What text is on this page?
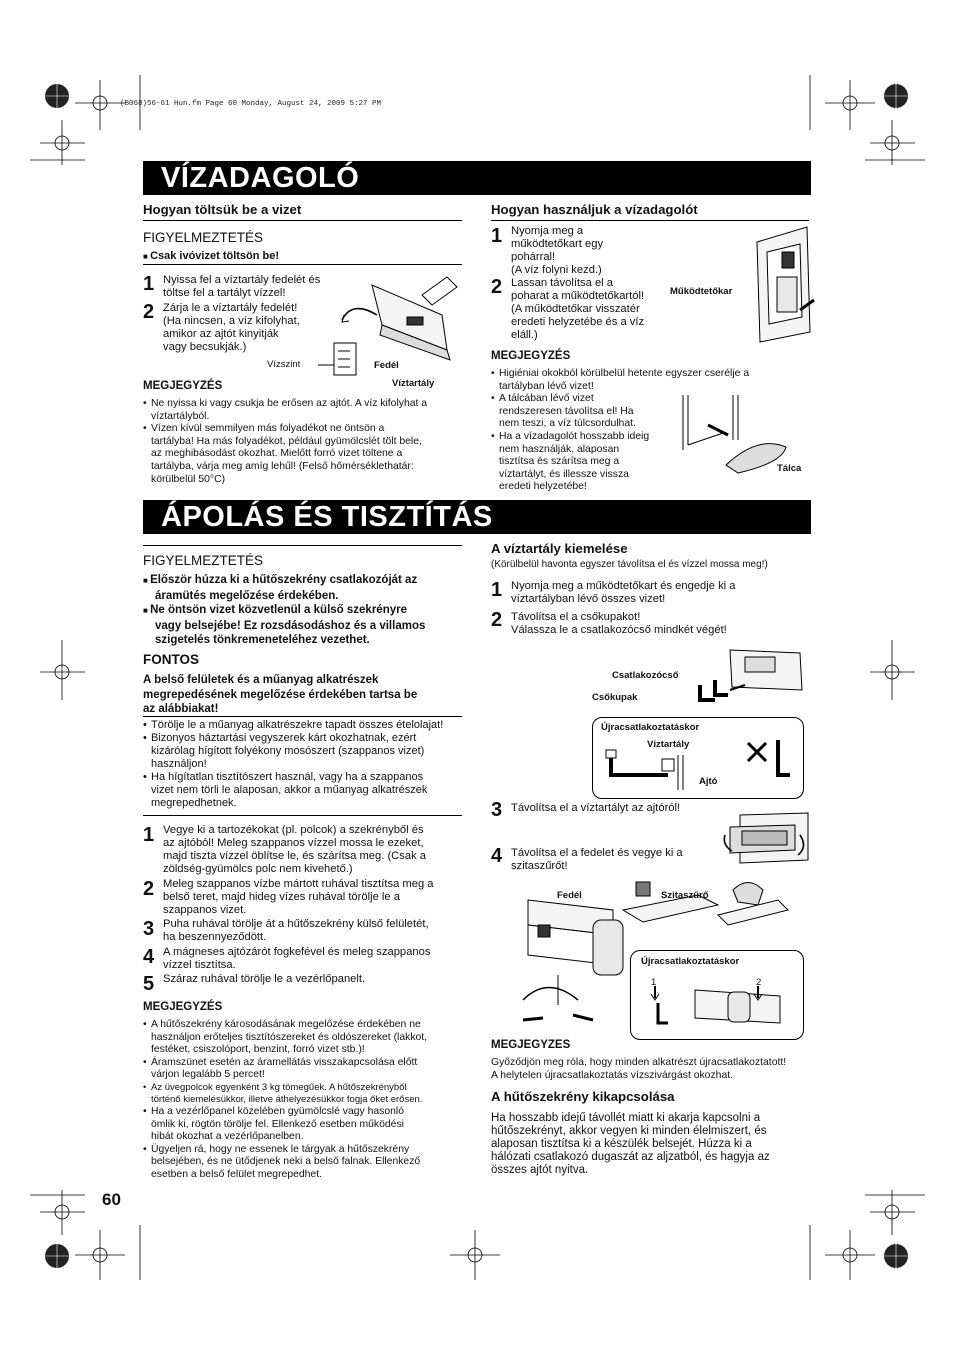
(B068)56-61 Hun.fm Page 60 Monday, August 24, 2009 5:27 PM
VÍZADAGOLÓ
Hogyan töltsük be a vizet
FIGYELMEZTETÉS
■ Csak ivóvizet töltsön be!
1 Nyissa fel a víztartály fedelét és
töltse fel a tartályt vízzel!
2 Zárja le a víztartály fedelét!
(Ha nincsen, a víz kifolyhat,
amikor az ajtót kinyitják
vagy becsukják.)
Vízszint	Fedél
Víztartály
MEGJEGYZÉS
• Ne nyissa ki vagy csukja be erősen az ajtót. A víz kifolyhat a
víztartályból.
• Vízen kívül semmilyen más folyadékot ne öntsön a
tartályba! Ha más folyadékot, például gyümölcslét tölt bele,
az meghibásodást okozhat. Mielőtt forró vizet töltene a
tartályba, várja meg amíg lehűl! (Felső hőmérséklethatár:
körülbelül 50°C)
Hogyan használjuk a vízadagolót
1 Nyomja meg a
működtetőkart egy
pohárral!
(A víz folyni kezd.)
2 Lassan távolítsa el a
poharat a működtetőkartól!
(A működtetőkar visszatér
eredeti helyzetébe és a víz
eláll.)
Működtetőkar
MEGJEGYZÉS
• Higiéniai okokból körülbelül hetente egyszer cserélje a
tartályban lévő vizet!
• A tálcában lévő vizet
rendszeresen távolítsa el! Ha
nem teszi, a víz túlcsordulhat.
• Ha a vízadagolót hosszabb ideig
nem használják, alaposan
tisztítsa és szárítsa meg a
víztartályt, és illessze vissza
eredeti helyzetébe!
Tálca
ÁPOLÁS ÉS TISZTÍTÁS
FIGYELMEZTETÉS
■ Először húzza ki a hűtőszekrény csatlakozóját az
áramütés megelőzése érdekében.
■ Ne öntsön vizet közvetlenül a külső szekrényre
vagy belsejébe! Ez rozsdásodáshoz és a villamos
szigetelés tönkremeneteléhez vezethet.
FONTOS
A belső felületek és a műanyag alkatrészek
megrepedésének megelőzése érdekében tartsa be
az alábbiakat!
• Törölje le a műanyag alkatrészekre tapadt összes ételolajat!
• Bizonyos háztartási vegyszerek kárt okozhatnak, ezért
kizárólag hígított folyékony mosószert (szappanos vizet)
használjon!
• Ha hígítatlan tisztítószert használ, vagy ha a szappanos
vizet nem törli le alaposan, akkor a műanyag alkatrészek
megrepedhetnek.
1 Vegye ki a tartozékokat (pl. polcok) a szekrényből és
az ajtóból! Meleg szappanos vízzel mossa le ezeket,
majd tiszta vízzel öblítse le, és szárítsa meg. (Csak a
zöldség-gyümölcs polc nem kivehető.)
2 Meleg szappanos vízbe mártott ruhával tisztítsa meg a
belső teret, majd hideg vízes ruhával törölje le a
szappanos vizet.
3 Puha ruhával törölje át a hűtőszekrény külső felületét,
ha beszennyeződött.
4 A mágneses ajtózárót fogkefével és meleg szappanos
vízzel tisztítsa.
5 Száraz ruhával törölje le a vezérlőpanelt.
MEGJEGYZÉS
• A hűtőszekrény károsodásának megelőzése érdekében ne
használjon erőteljes tisztítószereket és oldószereket (lakkot,
festéket, csiszolóport, benzint, forró vizet stb.)!
• Áramszünet esetén az áramellátás visszakapcsolása előtt
várjon legalább 5 percet!
• Az üvegpolcok egyenként 3 kg tömegűek. A hűtőszekrényből
történő kiemelésükkor, illetve áthelyezésükkor fogja őket erősen.
• Ha a vezérlőpanel közelében gyümölcslé vagy hasonló
ömlik ki, rögtön törölje fel. Ellenkező esetben működési
hibát okozhat a vezérlőpanelben.
• Ügyeljen rá, hogy ne essenek le tárgyak a hűtőszekrény
belsejében, és ne ütődjenek neki a belső falnak. Ellenkező
esetben a belső felület megrepedhet.
A víztartály kiemelése
(Körülbelül havonta egyszer távolítsa el és vízzel mossa meg!)
1 Nyomja meg a működtetőkart és engedje ki a
víztartályban lévő összes vizet!
2 Távolítsa el a csőkupakot!
Válassza le a csatlakozócső mindkét végét!
Csatlakozócső
Csőkupak
Újracsatlakoztatáskor
Víztartály
Ajtó
3 Távolítsa el a víztartályt az ajtóról!
4 Távolítsa el a fedelet és vegye ki a
szitaszűrőt!
Fedél	Szitaszűrő
Újracsatlakoztatáskor
1	2
MEGJEGYZES
Győződjön meg róla, hogy minden alkatrészt újracsatlakoztatott!
A helytelen újracsatlakoztatás vízszivárgást okozhat.
A hűtőszekrény kikapcsolása
Ha hosszabb idejű távollét miatt ki akarja kapcsolni a
hűtőszekrényt, akkor vegyen ki minden élelmiszert, és
alaposan tisztítsa ki a készülék belsejét. Húzza ki a
hálózati csatlakozó dugaszát az aljzatból, és hagyja az
összes ajtót nyitva.
60
